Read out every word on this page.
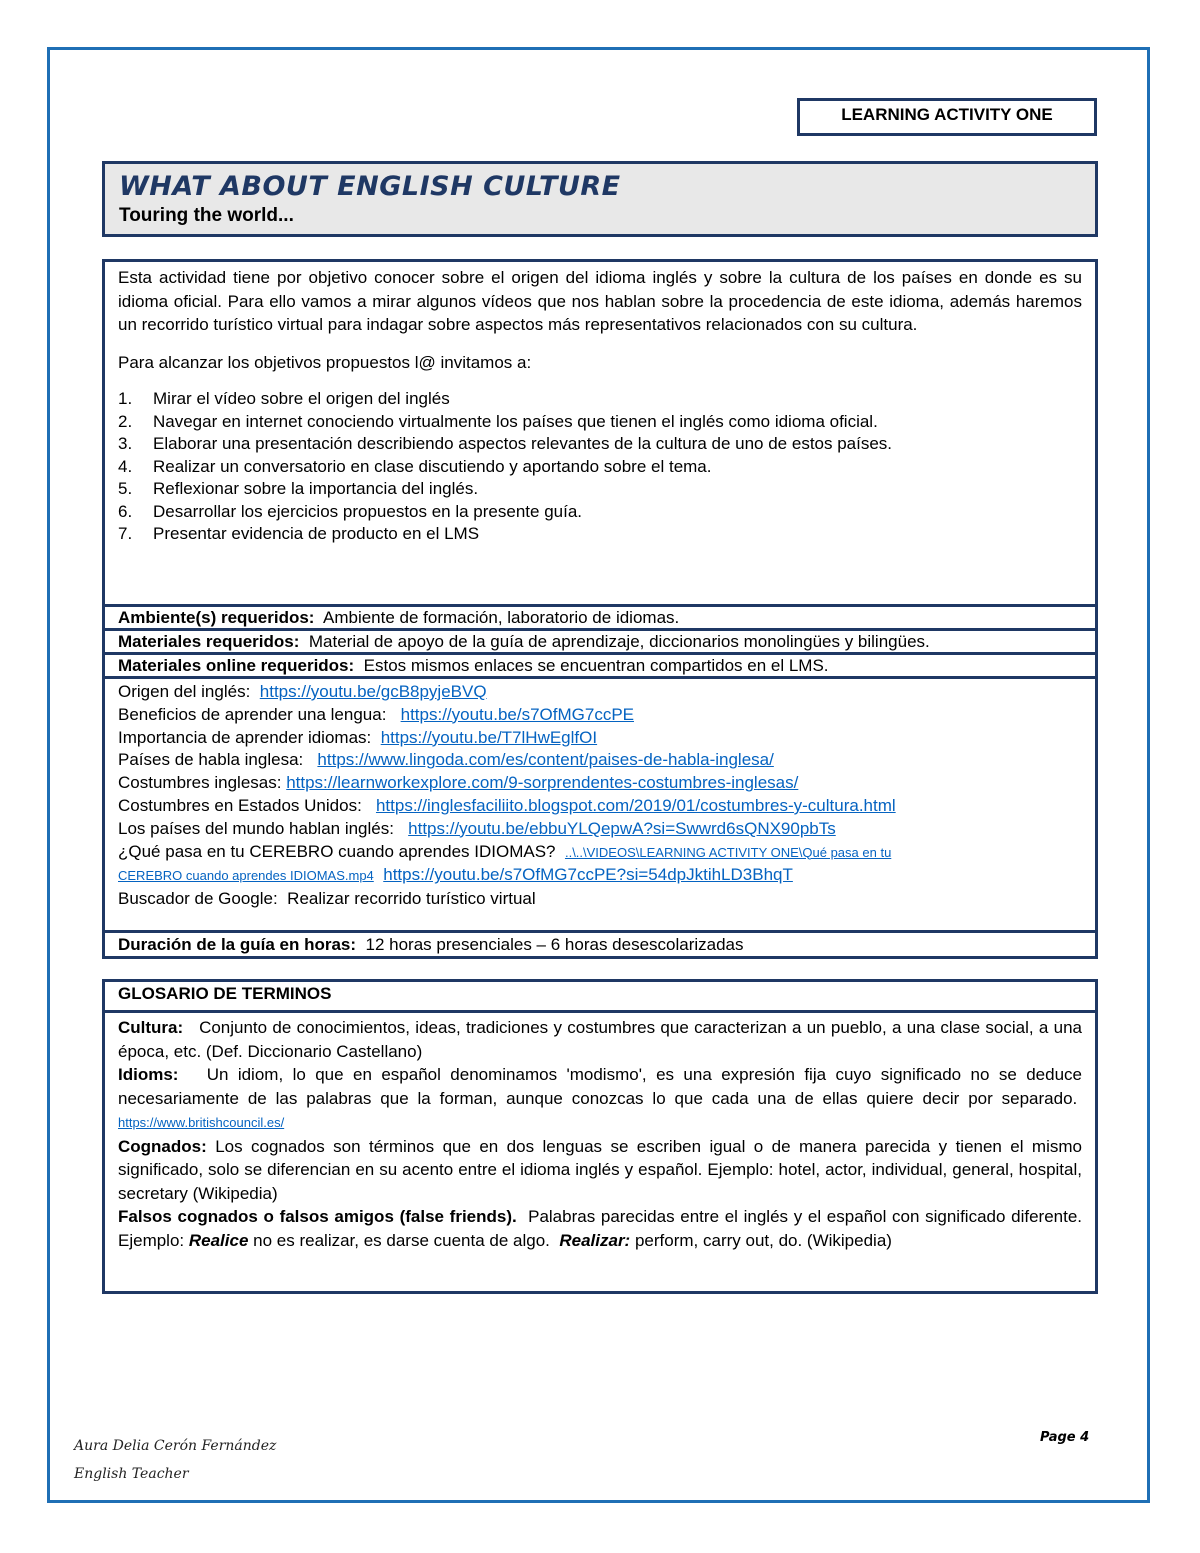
LEARNING ACTIVITY ONE
WHAT ABOUT ENGLISH CULTURE
Touring the world...

Esta actividad tiene por objetivo conocer sobre el origen del idioma inglés y sobre la cultura de los países en donde es su idioma oficial. Para ello vamos a mirar algunos vídeos que nos hablan sobre la procedencia de este idioma, además haremos un recorrido turístico virtual para indagar sobre aspectos más representativos relacionados con su cultura.

Para alcanzar los objetivos propuestos l@ invitamos a:

1.	Mirar el vídeo sobre el origen del inglés
2.	Navegar en internet conociendo virtualmente los países que tienen el inglés como idioma oficial.
3.	Elaborar una presentación describiendo aspectos relevantes de la cultura de uno de estos países.
4.	Realizar un conversatorio en clase discutiendo y aportando sobre el tema.
5.	Reflexionar sobre la importancia del inglés.
6.	Desarrollar los ejercicios propuestos en la presente guía.
7.	Presentar evidencia de producto en el LMS
Ambiente(s) requeridos: Ambiente de formación, laboratorio de idiomas.
Materiales requeridos: Material de apoyo de la guía de aprendizaje, diccionarios monolingües y bilingües.
Materiales online requeridos: Estos mismos enlaces se encuentran compartidos en el LMS.
Origen del inglés: https://youtu.be/gcB8pyjeBVQ
Beneficios de aprender una lengua: https://youtu.be/s7OfMG7ccPE
Importancia de aprender idiomas: https://youtu.be/T7lHwEglfOI
Países de habla inglesa: https://www.lingoda.com/es/content/paises-de-habla-inglesa/
Costumbres inglesas: https://learnworkexplore.com/9-sorprendentes-costumbres-inglesas/
Costumbres en Estados Unidos: https://inglesfaciliito.blogspot.com/2019/01/costumbres-y-cultura.html
Los países del mundo hablan inglés: https://youtu.be/ebbuYLQepwA?si=Swwrd6sQNX90pbTs
¿Qué pasa en tu CEREBRO cuando aprendes IDIOMAS? ..\..\VIDEOS\LEARNING ACTIVITY ONE\Qué pasa en tu
CEREBRO cuando aprendes IDIOMAS.mp4 https://youtu.be/s7OfMG7ccPE?si=54dpJktihLD3BhqT
Buscador de Google: Realizar recorrido turístico virtual
Duración de la guía en horas: 12 horas presenciales – 6 horas desescolarizadas
GLOSARIO DE TERMINOS

Cultura: Conjunto de conocimientos, ideas, tradiciones y costumbres que caracterizan a un pueblo, a una clase social, a una época, etc. (Def. Diccionario Castellano)

Idioms: Un idiom, lo que en español denominamos 'modismo', es una expresión fija cuyo significado no se deduce necesariamente de las palabras que la forman, aunque conozcas lo que cada una de ellas quiere decir por separado.  https://www.britishcouncil.es/

Cognados: Los cognados son términos que en dos lenguas se escriben igual o de manera parecida y tienen el mismo significado, solo se diferencian en su acento entre el idioma inglés y español. Ejemplo: hotel, actor, individual, general, hospital, secretary (Wikipedia)

Falsos cognados o falsos amigos (false friends). Palabras parecidas entre el inglés y el español con significado diferente. Ejemplo: Realice no es realizar, es darse cuenta de algo. Realizar: perform, carry out, do. (Wikipedia)

Aura Delia Cerón Fernández
English Teacher
Page 4
